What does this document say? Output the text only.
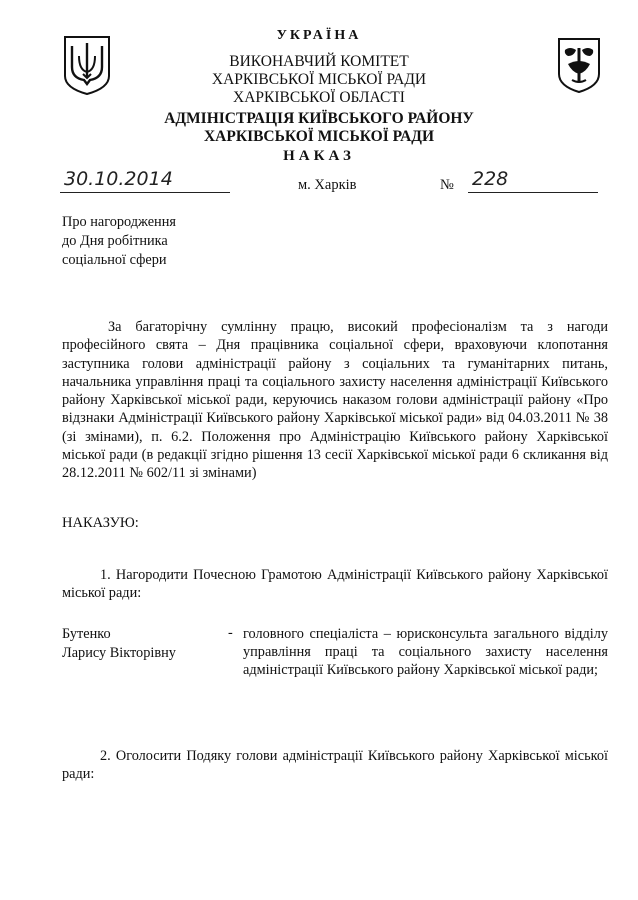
УКРАЇНА
ВИКОНАВЧИЙ КОМІТЕТ
ХАРКІВСЬКОЇ МІСЬКОЇ РАДИ
ХАРКІВСЬКОЇ ОБЛАСТІ
АДМІНІСТРАЦІЯ КИЇВСЬКОГО РАЙОНУ
ХАРКІВСЬКОЇ МІСЬКОЇ РАДИ
НАКАЗ
30.10.2014	м. Харків	№ 228
Про нагородження
до Дня робітника
соціальної сфери
За багаторічну сумлінну працю, високий професіоналізм та з нагоди професійного свята – Дня працівника соціальної сфери, враховуючи клопотання заступника голови адміністрації району з соціальних та гуманітарних питань, начальника управління праці та соціального захисту населення адміністрації Київського району Харківської міської ради, керуючись наказом голови адміністрації району «Про відзнаки Адміністрації Київського району Харківської міської ради» від 04.03.2011 № 38 (зі змінами), п. 6.2. Положення про Адміністрацію Київського району Харківської міської ради (в редакції згідно рішення 13 сесії Харківської міської ради 6 скликання від 28.12.2011 № 602/11 зі змінами)
НАКАЗУЮ:
1. Нагородити Почесною Грамотою Адміністрації Київського району Харківської міської ради:
Бутенко
Ларису Вікторівну
- головного спеціаліста – юрисконсульта загального відділу управління праці та соціального захисту населення адміністрації Київського району Харківської міської ради;
2. Оголосити Подяку голови адміністрації Київського району Харківської міської ради:
